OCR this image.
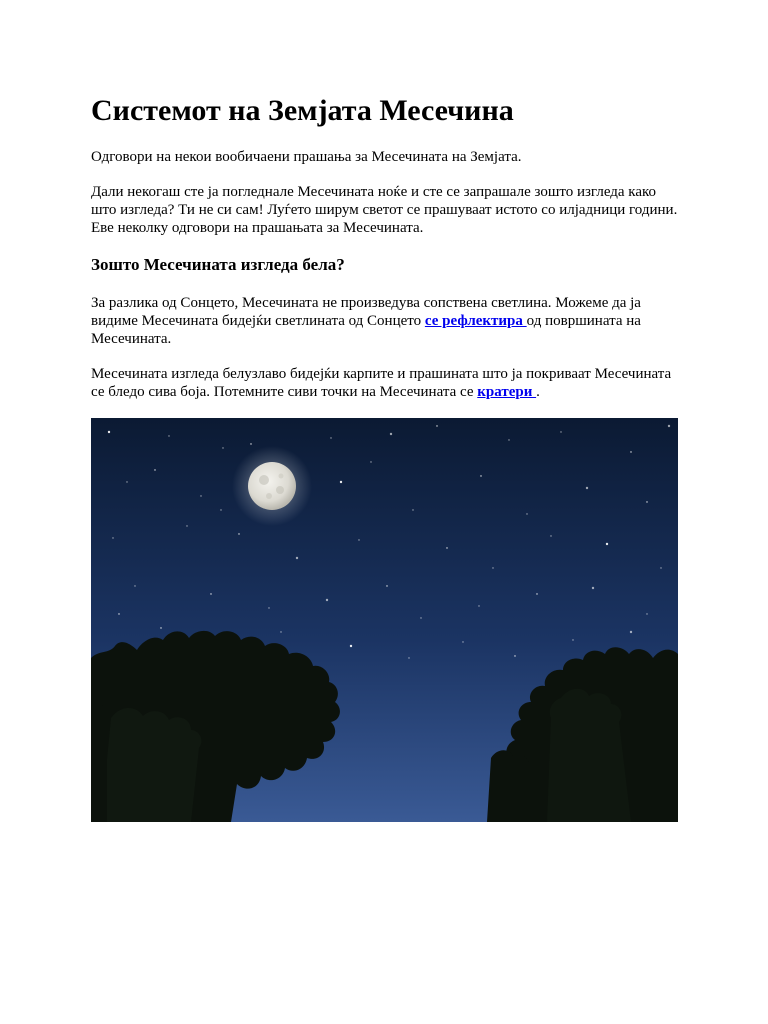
Системот на Земјата Месечина

Одговори на некои вообичаени прашања за Месечината на Земјата.

Дали некогаш сте ја погледнале Месечината ноќе и сте се запрашале зошто изгледа како што изгледа? Ти не си сам! Луѓето ширум светот се прашуваат истото со илјадници години. Еве неколку одговори на прашањата за Месечината.

Зошто Месечината изгледа бела?

За разлика од Сонцето, Месечината не произведува сопствена светлина. Можеме да ја видиме Месечината бидејќи светлината од Сонцето се рефлектира од површината на Месечината.

Месечината изгледа белузлаво бидејќи карпите и прашината што ја покриваат Месечината се бледо сива боја. Потемните сиви точки на Месечината се кратери .
